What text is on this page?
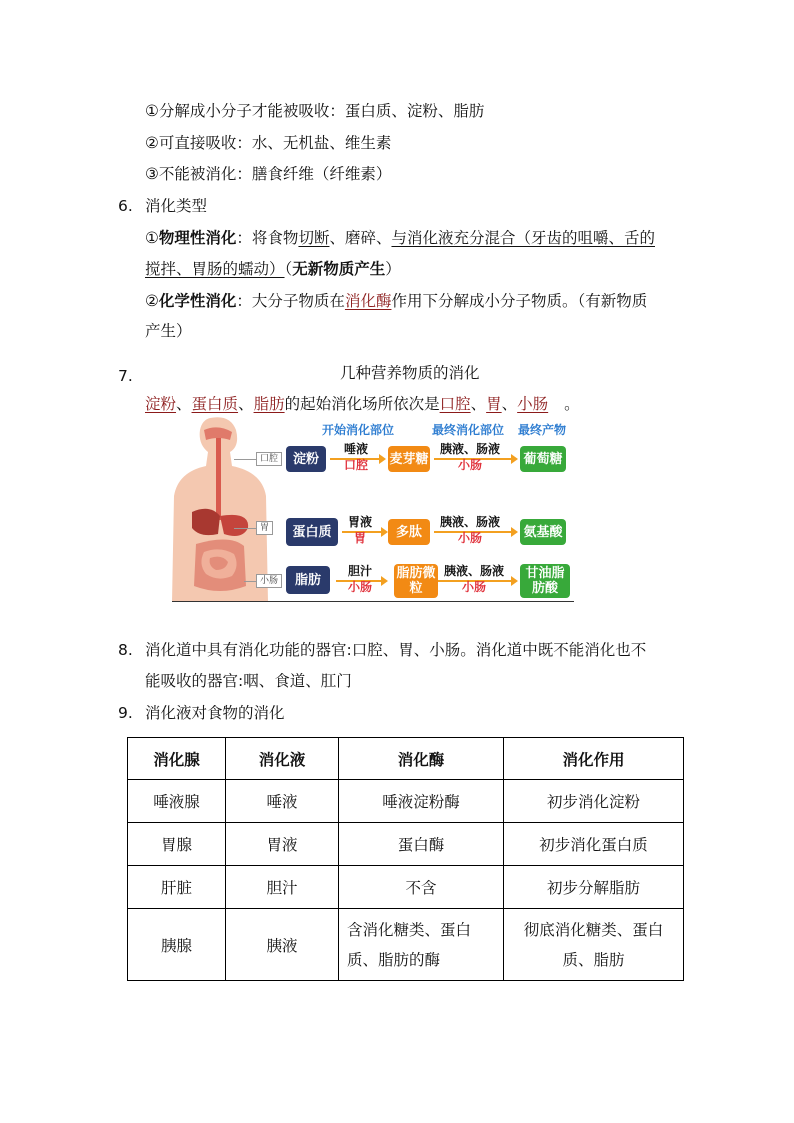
①分解成小分子才能被吸收：蛋白质、淀粉、脂肪
②可直接吸收：水、无机盐、维生素
③不能被消化：膳食纤维（纤维素）
6. 消化类型
①物理性消化：将食物切断、磨碎、与消化液充分混合（牙齿的咀嚼、舌的
搅拌、胃肠的蠕动）（无新物质产生）
②化学性消化：大分子物质在消化酶作用下分解成小分子物质。（有新物质
产生）
7.	几种营养物质的消化
淀粉、蛋白质、脂肪的起始消化场所依次是口腔、胃、小肠 。
口腔
胃
小肠
开始消化部位	最终消化部位 最终产物
淀粉
唾液
口腔	麦芽糖
胰液、肠液
小肠	葡萄糖
蛋白质
胃液
胃	多肽
胰液、肠液
小肠	氨基酸
脂肪
胆汁
小肠
脂肪微粒
胰液、肠液
小肠
甘油脂肪酸
8. 消化道中具有消化功能的器官:口腔、胃、小肠。消化道中既不能消化也不
能吸收的器官:咽、食道、肛门
9. 消化液对食物的消化
消化腺	消化液	消化酶	消化作用
唾液腺	唾液	唾液淀粉酶	初步消化淀粉
胃腺	胃液	蛋白酶	初步消化蛋白质
肝脏	胆汁	不含	初步分解脂肪
胰腺	胰液	含消化糖类、蛋白质、脂肪的酶	彻底消化糖类、蛋白质、脂肪
